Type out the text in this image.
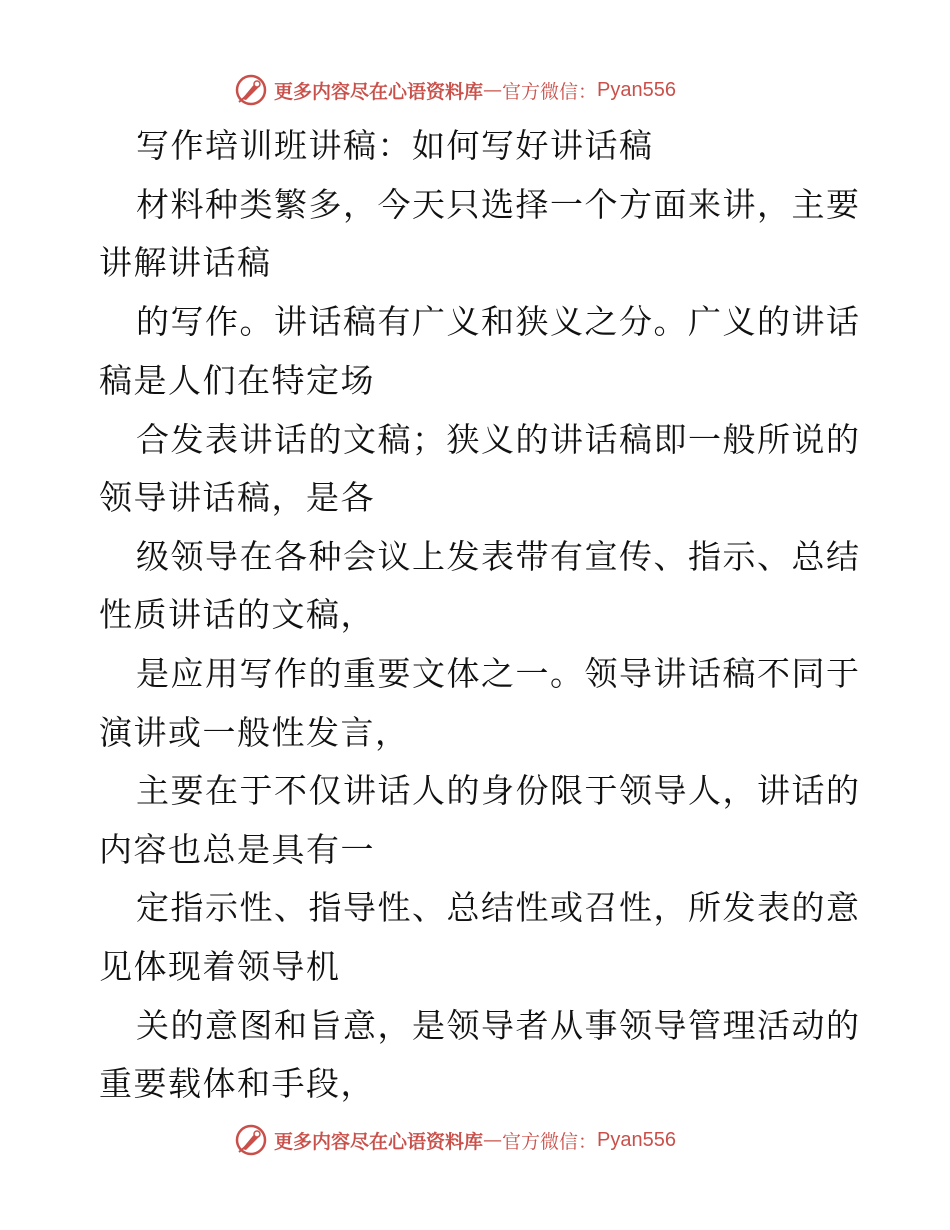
更多内容尽在心语资料库 — 官方微信： Pyan556
写作培训班讲稿：如何写好讲话稿
材料种类繁多，今天只选择一个方面来讲，主要
讲解讲话稿
的写作。讲话稿有广义和狭义之分。广义的讲话
稿是人们在特定场
合发表讲话的文稿；狭义的讲话稿即一般所说的
领导讲话稿，是各
级领导在各种会议上发表带有宣传、指示、总结
性质讲话的文稿，
是应用写作的重要文体之一。领导讲话稿不同于
演讲或一般性发言，
主要在于不仅讲话人的身份限于领导人，讲话的
内容也总是具有一
定指示性、指导性、总结性或召性，所发表的意
见体现着领导机
关的意图和旨意，是领导者从事领导管理活动的
重要载体和手段，
更多内容尽在心语资料库 — 官方微信： Pyan556
